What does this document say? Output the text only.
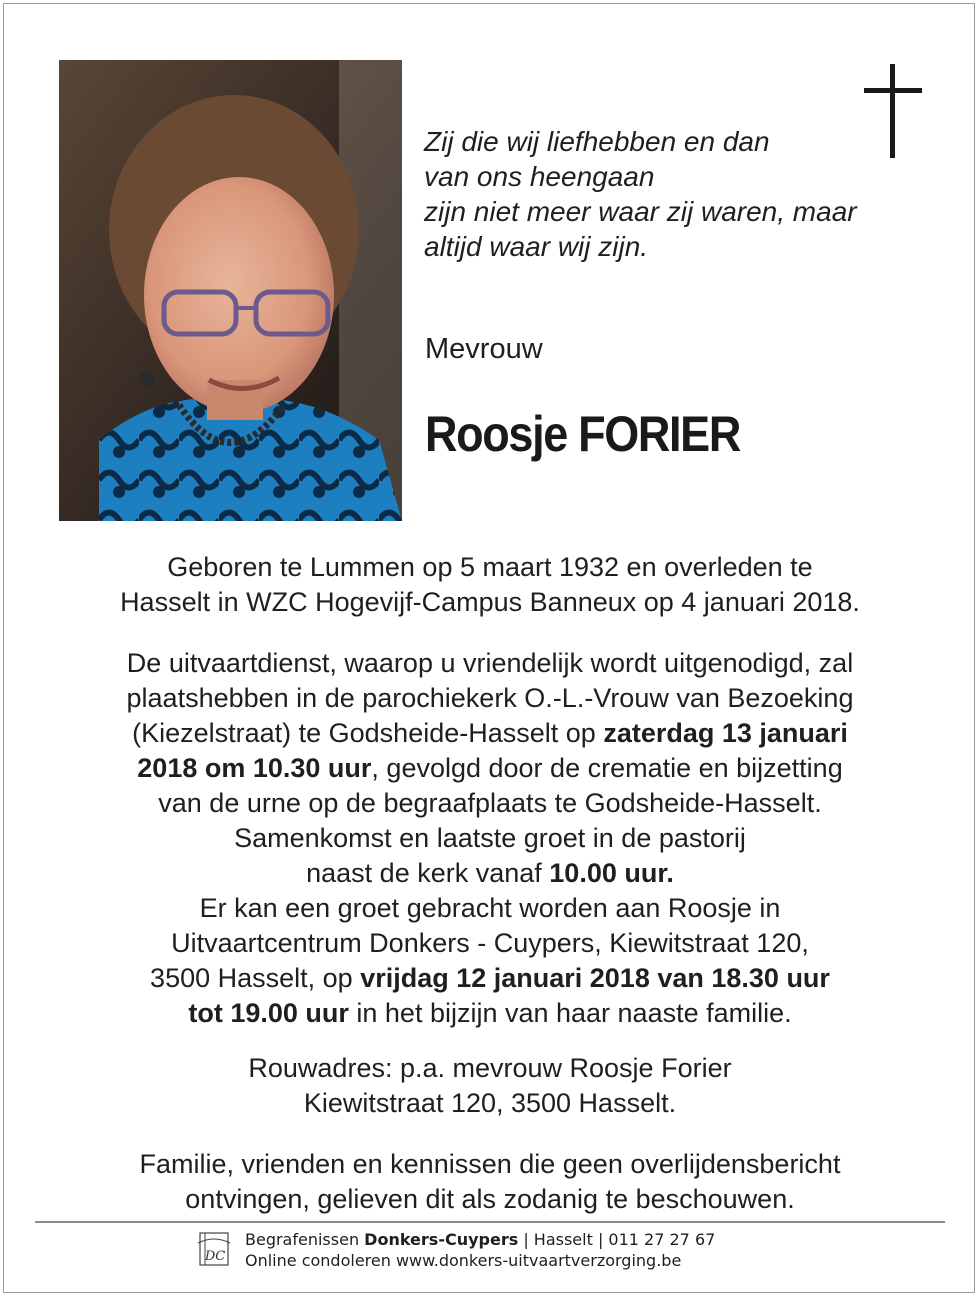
Zij die wij liefhebben en dan
van ons heengaan
zijn niet meer waar zij waren, maar
altijd waar wij zijn.
Mevrouw
Roosje FORIER
Geboren te Lummen op 5 maart 1932 en overleden te
Hasselt in WZC Hogevijf-Campus Banneux op 4 januari 2018.
De uitvaartdienst, waarop u vriendelijk wordt uitgenodigd, zal
plaatshebben in de parochiekerk O.-L.-Vrouw van Bezoeking
(Kiezelstraat) te Godsheide-Hasselt op zaterdag 13 januari
2018 om 10.30 uur, gevolgd door de crematie en bijzetting
van de urne op de begraafplaats te Godsheide-Hasselt.
Samenkomst en laatste groet in de pastorij
naast de kerk vanaf 10.00 uur.
Er kan een groet gebracht worden aan Roosje in
Uitvaartcentrum Donkers - Cuypers, Kiewitstraat 120,
3500 Hasselt, op vrijdag 12 januari 2018 van 18.30 uur
tot 19.00 uur in het bijzijn van haar naaste familie.
Rouwadres: p.a. mevrouw Roosje Forier
Kiewitstraat 120, 3500 Hasselt.
Familie, vrienden en kennissen die geen overlijdensbericht
ontvingen, gelieven dit als zodanig te beschouwen.
DC
Begrafenissen Donkers-Cuypers | Hasselt | 011 27 27 67
Online condoleren www.donkers-uitvaartverzorging.be
